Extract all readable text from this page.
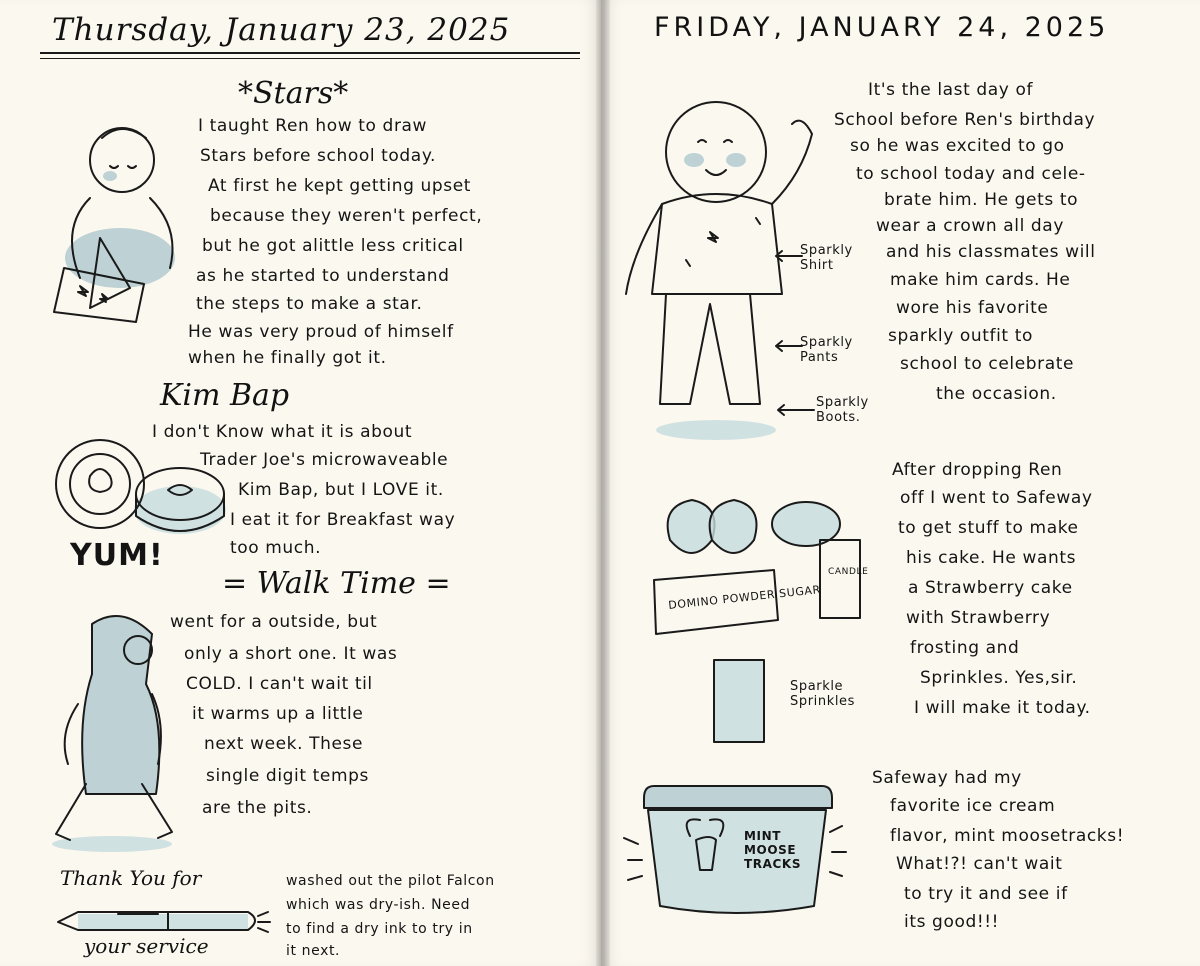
Thursday, January 23, 2025
*Stars*
I taught Ren how to draw
Stars before school today.
At first he kept getting upset
because they weren't perfect,
but he got alittle less critical
as he started to understand
the steps to make a star.
He was very proud of himself
when he finally got it.
Kim Bap
I don't Know what it is about
Trader Joe's microwaveable
Kim Bap, but I LOVE it.
I eat it for Breakfast way
too much.
YUM!
= Walk Time =
went for a outside, but
only a short one. It was
COLD. I can't wait til
it warms up a little
next week. These
single digit temps
are the pits.
Thank You for
your service
washed out the pilot Falcon
which was dry-ish. Need
to find a dry ink to try in
it next.
FRIDAY, JANUARY 24, 2025
It's the last day of
School before Ren's birthday
so he was excited to go
to school today and cele-
brate him. He gets to
wear a crown all day
and his classmates will
make him cards. He
wore his favorite
sparkly outfit to
school to celebrate
the occasion.
Sparkly
Shirt
Sparkly
Pants
Sparkly
Boots.
After dropping Ren
off I went to Safeway
to get stuff to make
his cake. He wants
a Strawberry cake
with Strawberry
frosting and
Sprinkles. Yes,sir.
I will make it today.
DOMINO POWDER SUGAR
CANDLE
Sparkle
Sprinkles
Safeway had my
favorite ice cream
flavor, mint moosetracks!
What!?! can't wait
to try it and see if
its good!!!
MINT
MOOSE
TRACKS
